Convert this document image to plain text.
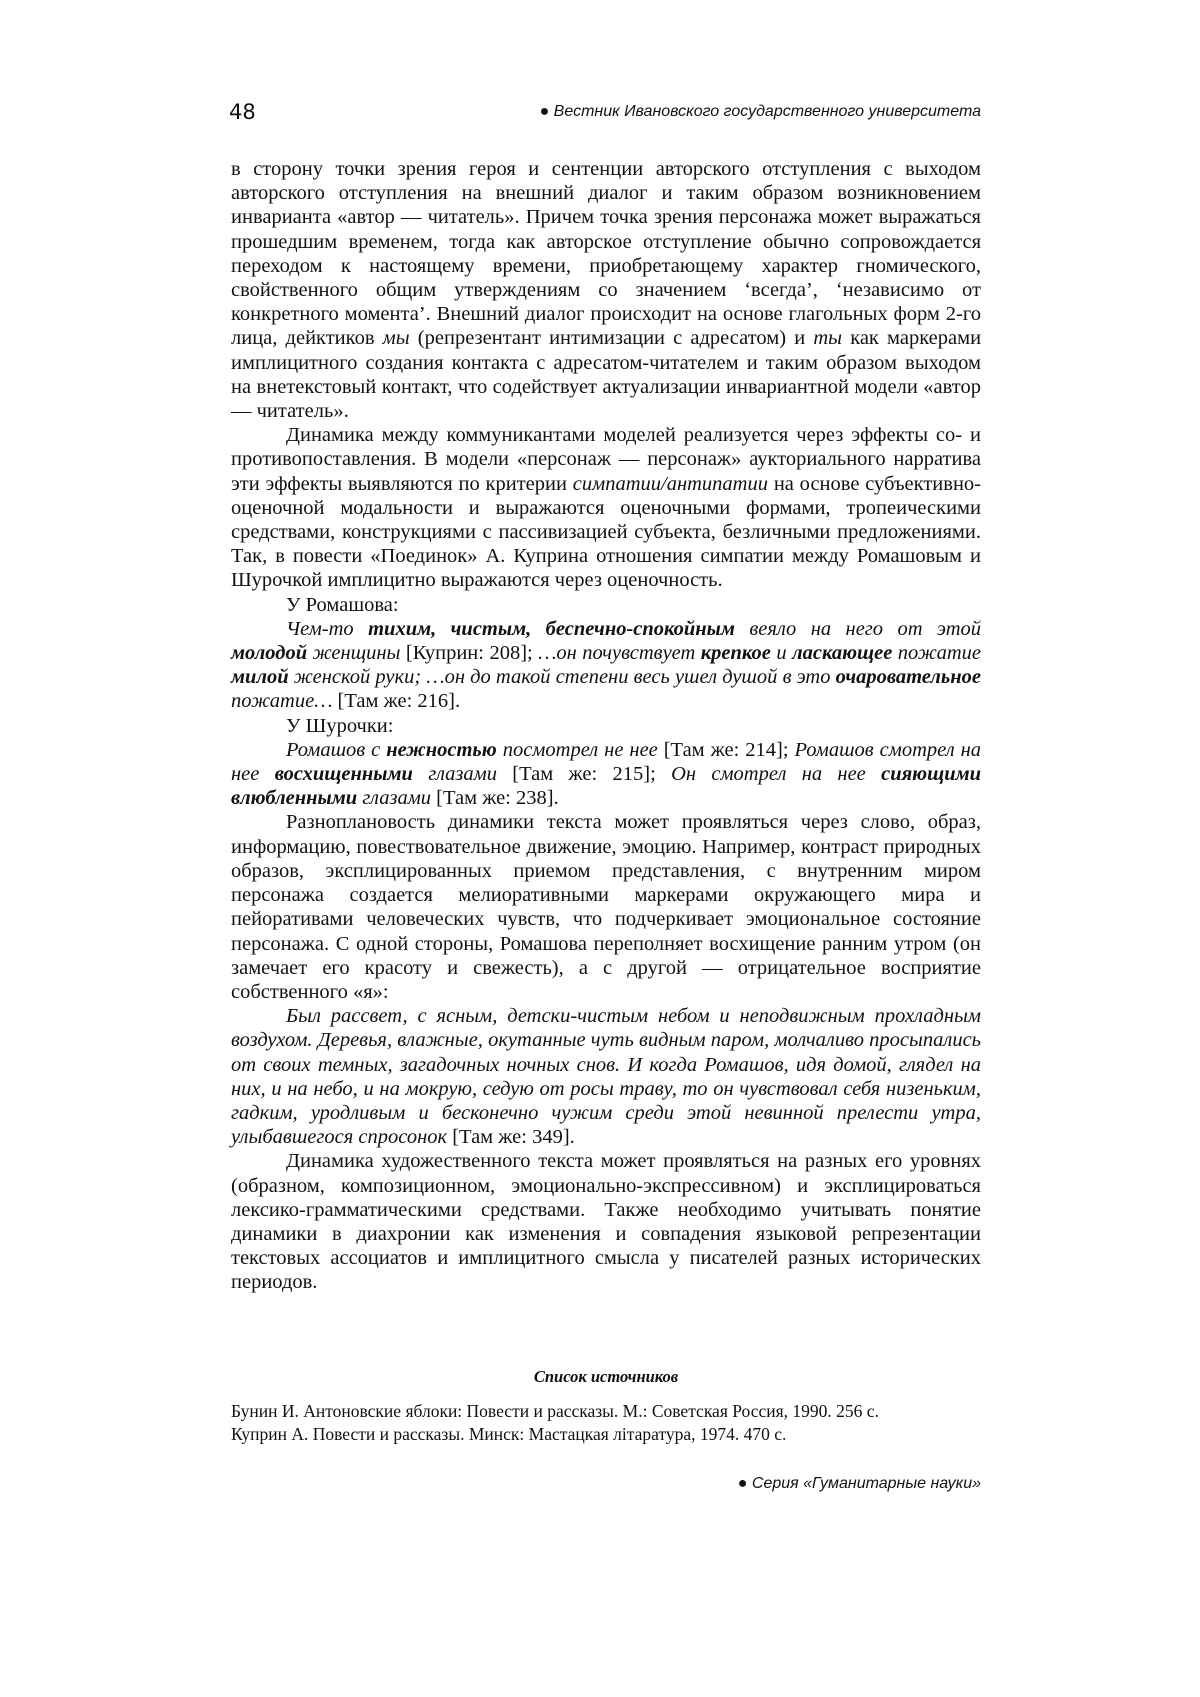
48	● Вестник Ивановского государственного университета

в сторону точки зрения героя и сентенции авторского отступления с выходом авторского отступления на внешний диалог и таким образом возникновением инварианта «автор — читатель». Причем точка зрения персонажа может выражаться прошедшим временем, тогда как авторское отступление обычно сопровождается переходом к настоящему времени, приобретающему характер гномического, свойственного общим утверждениям со значением ‘всегда’, ‘независимо от конкретного момента’. Внешний диалог происходит на основе глагольных форм 2-го лица, дейктиков мы (репрезентант интимизации с адресатом) и ты как маркерами имплицитного создания контакта с адресатом-читателем и таким образом выходом на внетекстовый контакт, что содействует актуализации инвариантной модели «автор — читатель».

Динамика между коммуникантами моделей реализуется через эффекты со- и противопоставления. В модели «персонаж — персонаж» аукториального нарратива эти эффекты выявляются по критерии симпатии/антипатии на основе субъективно-оценочной модальности и выражаются оценочными формами, тропеическими средствами, конструкциями с пассивизацией субъекта, безличными предложениями. Так, в повести «Поединок» А. Куприна отношения симпатии между Ромашовым и Шурочкой имплицитно выражаются через оценочность.

У Ромашова:

Чем-то тихим, чистым, беспечно-спокойным веяло на него от этой молодой женщины [Куприн: 208]; …он почувствует крепкое и ласкающее пожатие милой женской руки; …он до такой степени весь ушел душой в это очаровательное пожатие… [Там же: 216].

У Шурочки:

Ромашов с нежностью посмотрел не нее [Там же: 214]; Ромашов смотрел на нее восхищенными глазами [Там же: 215]; Он смотрел на нее сияющими влюбленными глазами [Там же: 238].

Разноплановость динамики текста может проявляться через слово, образ, информацию, повествовательное движение, эмоцию. Например, контраст природных образов, эксплицированных приемом представления, с внутренним миром персонажа создается мелиоративными маркерами окружающего мира и пейоративами человеческих чувств, что подчеркивает эмоциональное состояние персонажа. С одной стороны, Ромашова переполняет восхищение ранним утром (он замечает его красоту и свежесть), а с другой — отрицательное восприятие собственного «я»:

Был рассвет, с ясным, детски-чистым небом и неподвижным прохладным воздухом. Деревья, влажные, окутанные чуть видным паром, молчаливо просыпались от своих темных, загадочных ночных снов. И когда Ромашов, идя домой, глядел на них, и на небо, и на мокрую, седую от росы траву, то он чувствовал себя низеньким, гадким, уродливым и бесконечно чужим среди этой невинной прелести утра, улыбавшегося спросонок [Там же: 349].

Динамика художественного текста может проявляться на разных его уровнях (образном, композиционном, эмоционально-экспрессивном) и эксплицироваться лексико-грамматическими средствами. Также необходимо учитывать понятие динамики в диахронии как изменения и совпадения языковой репрезентации текстовых ассоциатов и имплицитного смысла у писателей разных исторических периодов.

Список источников
Бунин И. Антоновские яблоки: Повести и рассказы. М.: Советская Россия, 1990. 256 с.
Куприн А. Повести и рассказы. Минск: Мастацкая лiтаратура, 1974. 470 с.
● Серия «Гуманитарные науки»
